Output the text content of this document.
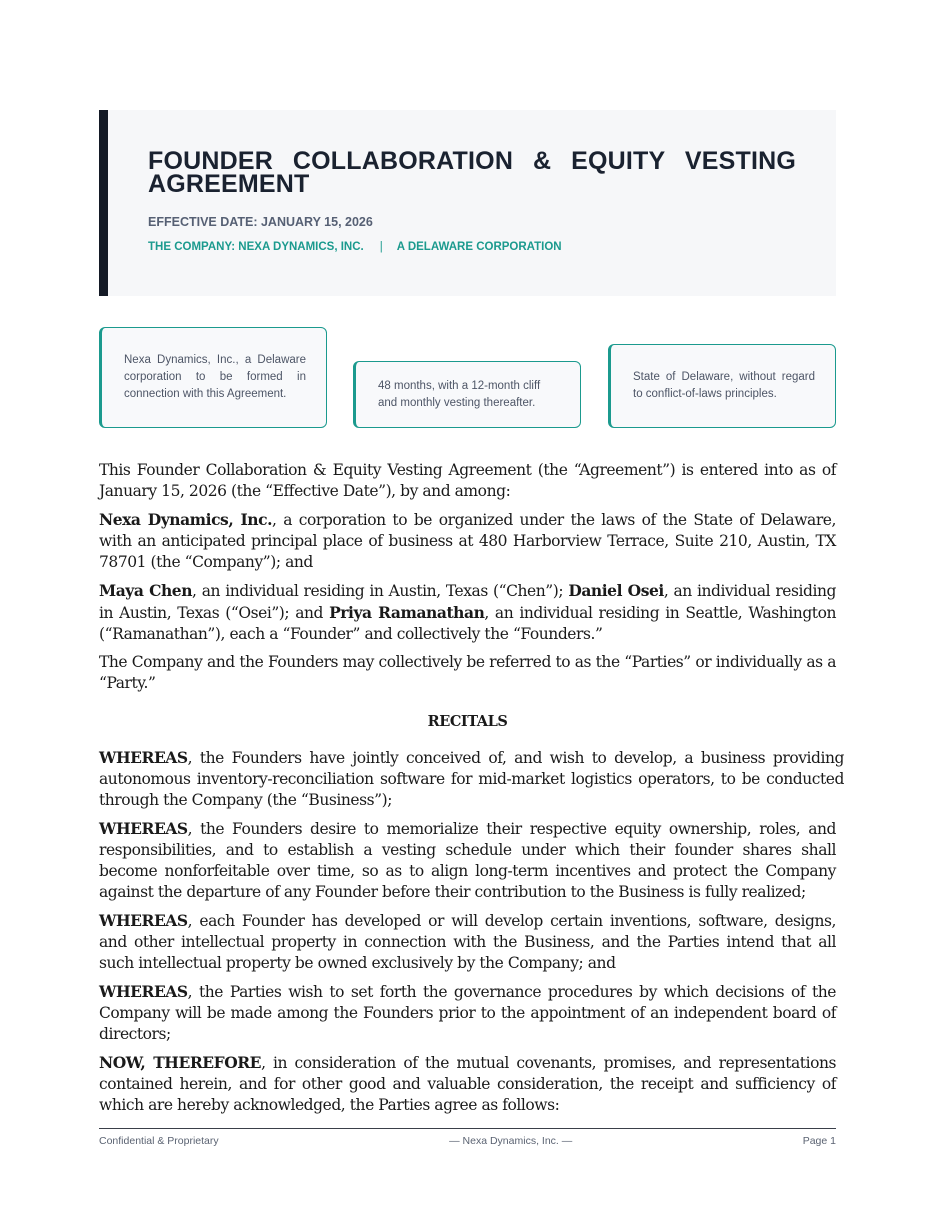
FOUNDER COLLABORATION & EQUITY VESTING AGREEMENT
EFFECTIVE DATE: JANUARY 15, 2026
THE COMPANY: NEXA DYNAMICS, INC. | A DELAWARE CORPORATION
Nexa Dynamics, Inc., a Delaware corporation to be formed in connection with this Agreement.
48 months, with a 12-month cliff and monthly vesting thereafter.
State of Delaware, without regard to conflict-of-laws principles.

This Founder Collaboration & Equity Vesting Agreement (the “Agreement”) is entered into as of January 15, 2026 (the “Effective Date”), by and among:

Nexa Dynamics, Inc., a corporation to be organized under the laws of the State of Delaware, with an anticipated principal place of business at 480 Harborview Terrace, Suite 210, Austin, TX 78701 (the “Company”); and

Maya Chen, an individual residing in Austin, Texas (“Chen”); Daniel Osei, an individual residing in Austin, Texas (“Osei”); and Priya Ramanathan, an individual residing in Seattle, Washington (“Ramanathan”), each a “Founder” and collectively the “Founders.”

The Company and the Founders may collectively be referred to as the “Parties” or individually as a “Party.”

RECITALS

WHEREAS, the Founders have jointly conceived of, and wish to develop, a business providing autonomous inventory-reconciliation software for mid-market logistics operators, to be conducted through the Company (the “Business”);

WHEREAS, the Founders desire to memorialize their respective equity ownership, roles, and responsibilities, and to establish a vesting schedule under which their founder shares shall become nonforfeitable over time, so as to align long-term incentives and protect the Company against the departure of any Founder before their contribution to the Business is fully realized;

WHEREAS, each Founder has developed or will develop certain inventions, software, designs, and other intellectual property in connection with the Business, and the Parties intend that all such intellectual property be owned exclusively by the Company; and

WHEREAS, the Parties wish to set forth the governance procedures by which decisions of the Company will be made among the Founders prior to the appointment of an independent board of directors;

NOW, THEREFORE, in consideration of the mutual covenants, promises, and representations contained herein, and for other good and valuable consideration, the receipt and sufficiency of which are hereby acknowledged, the Parties agree as follows:

Confidential & Proprietary	— Nexa Dynamics, Inc. —	Page 1
